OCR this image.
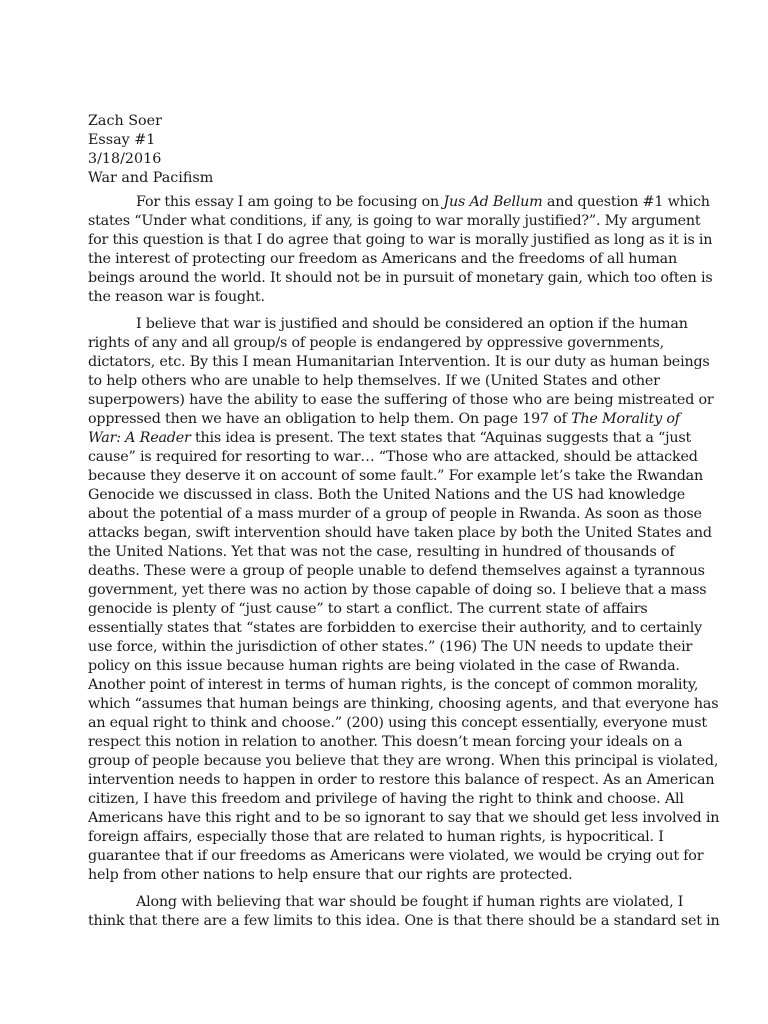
Zach Soer
Essay #1
3/18/2016
War and Pacifism
For this essay I am going to be focusing on Jus Ad Bellum and question #1 which
states “Under what conditions, if any, is going to war morally justified?”. My argument
for this question is that I do agree that going to war is morally justified as long as it is in
the interest of protecting our freedom as Americans and the freedoms of all human
beings around the world. It should not be in pursuit of monetary gain, which too often is
the reason war is fought.
I believe that war is justified and should be considered an option if the human
rights of any and all group/s of people is endangered by oppressive governments,
dictators, etc. By this I mean Humanitarian Intervention. It is our duty as human beings
to help others who are unable to help themselves. If we (United States and other
superpowers) have the ability to ease the suffering of those who are being mistreated or
oppressed then we have an obligation to help them. On page 197 of The Morality of
War: A Reader this idea is present. The text states that “Aquinas suggests that a “just
cause” is required for resorting to war… “Those who are attacked, should be attacked
because they deserve it on account of some fault.” For example let’s take the Rwandan
Genocide we discussed in class. Both the United Nations and the US had knowledge
about the potential of a mass murder of a group of people in Rwanda. As soon as those
attacks began, swift intervention should have taken place by both the United States and
the United Nations. Yet that was not the case, resulting in hundred of thousands of
deaths. These were a group of people unable to defend themselves against a tyrannous
government, yet there was no action by those capable of doing so. I believe that a mass
genocide is plenty of “just cause” to start a conflict. The current state of affairs
essentially states that “states are forbidden to exercise their authority, and to certainly
use force, within the jurisdiction of other states.” (196) The UN needs to update their
policy on this issue because human rights are being violated in the case of Rwanda.
Another point of interest in terms of human rights, is the concept of common morality,
which “assumes that human beings are thinking, choosing agents, and that everyone has
an equal right to think and choose.” (200) using this concept essentially, everyone must
respect this notion in relation to another. This doesn’t mean forcing your ideals on a
group of people because you believe that they are wrong. When this principal is violated,
intervention needs to happen in order to restore this balance of respect. As an American
citizen, I have this freedom and privilege of having the right to think and choose. All
Americans have this right and to be so ignorant to say that we should get less involved in
foreign affairs, especially those that are related to human rights, is hypocritical. I
guarantee that if our freedoms as Americans were violated, we would be crying out for
help from other nations to help ensure that our rights are protected.
Along with believing that war should be fought if human rights are violated, I
think that there are a few limits to this idea. One is that there should be a standard set in
